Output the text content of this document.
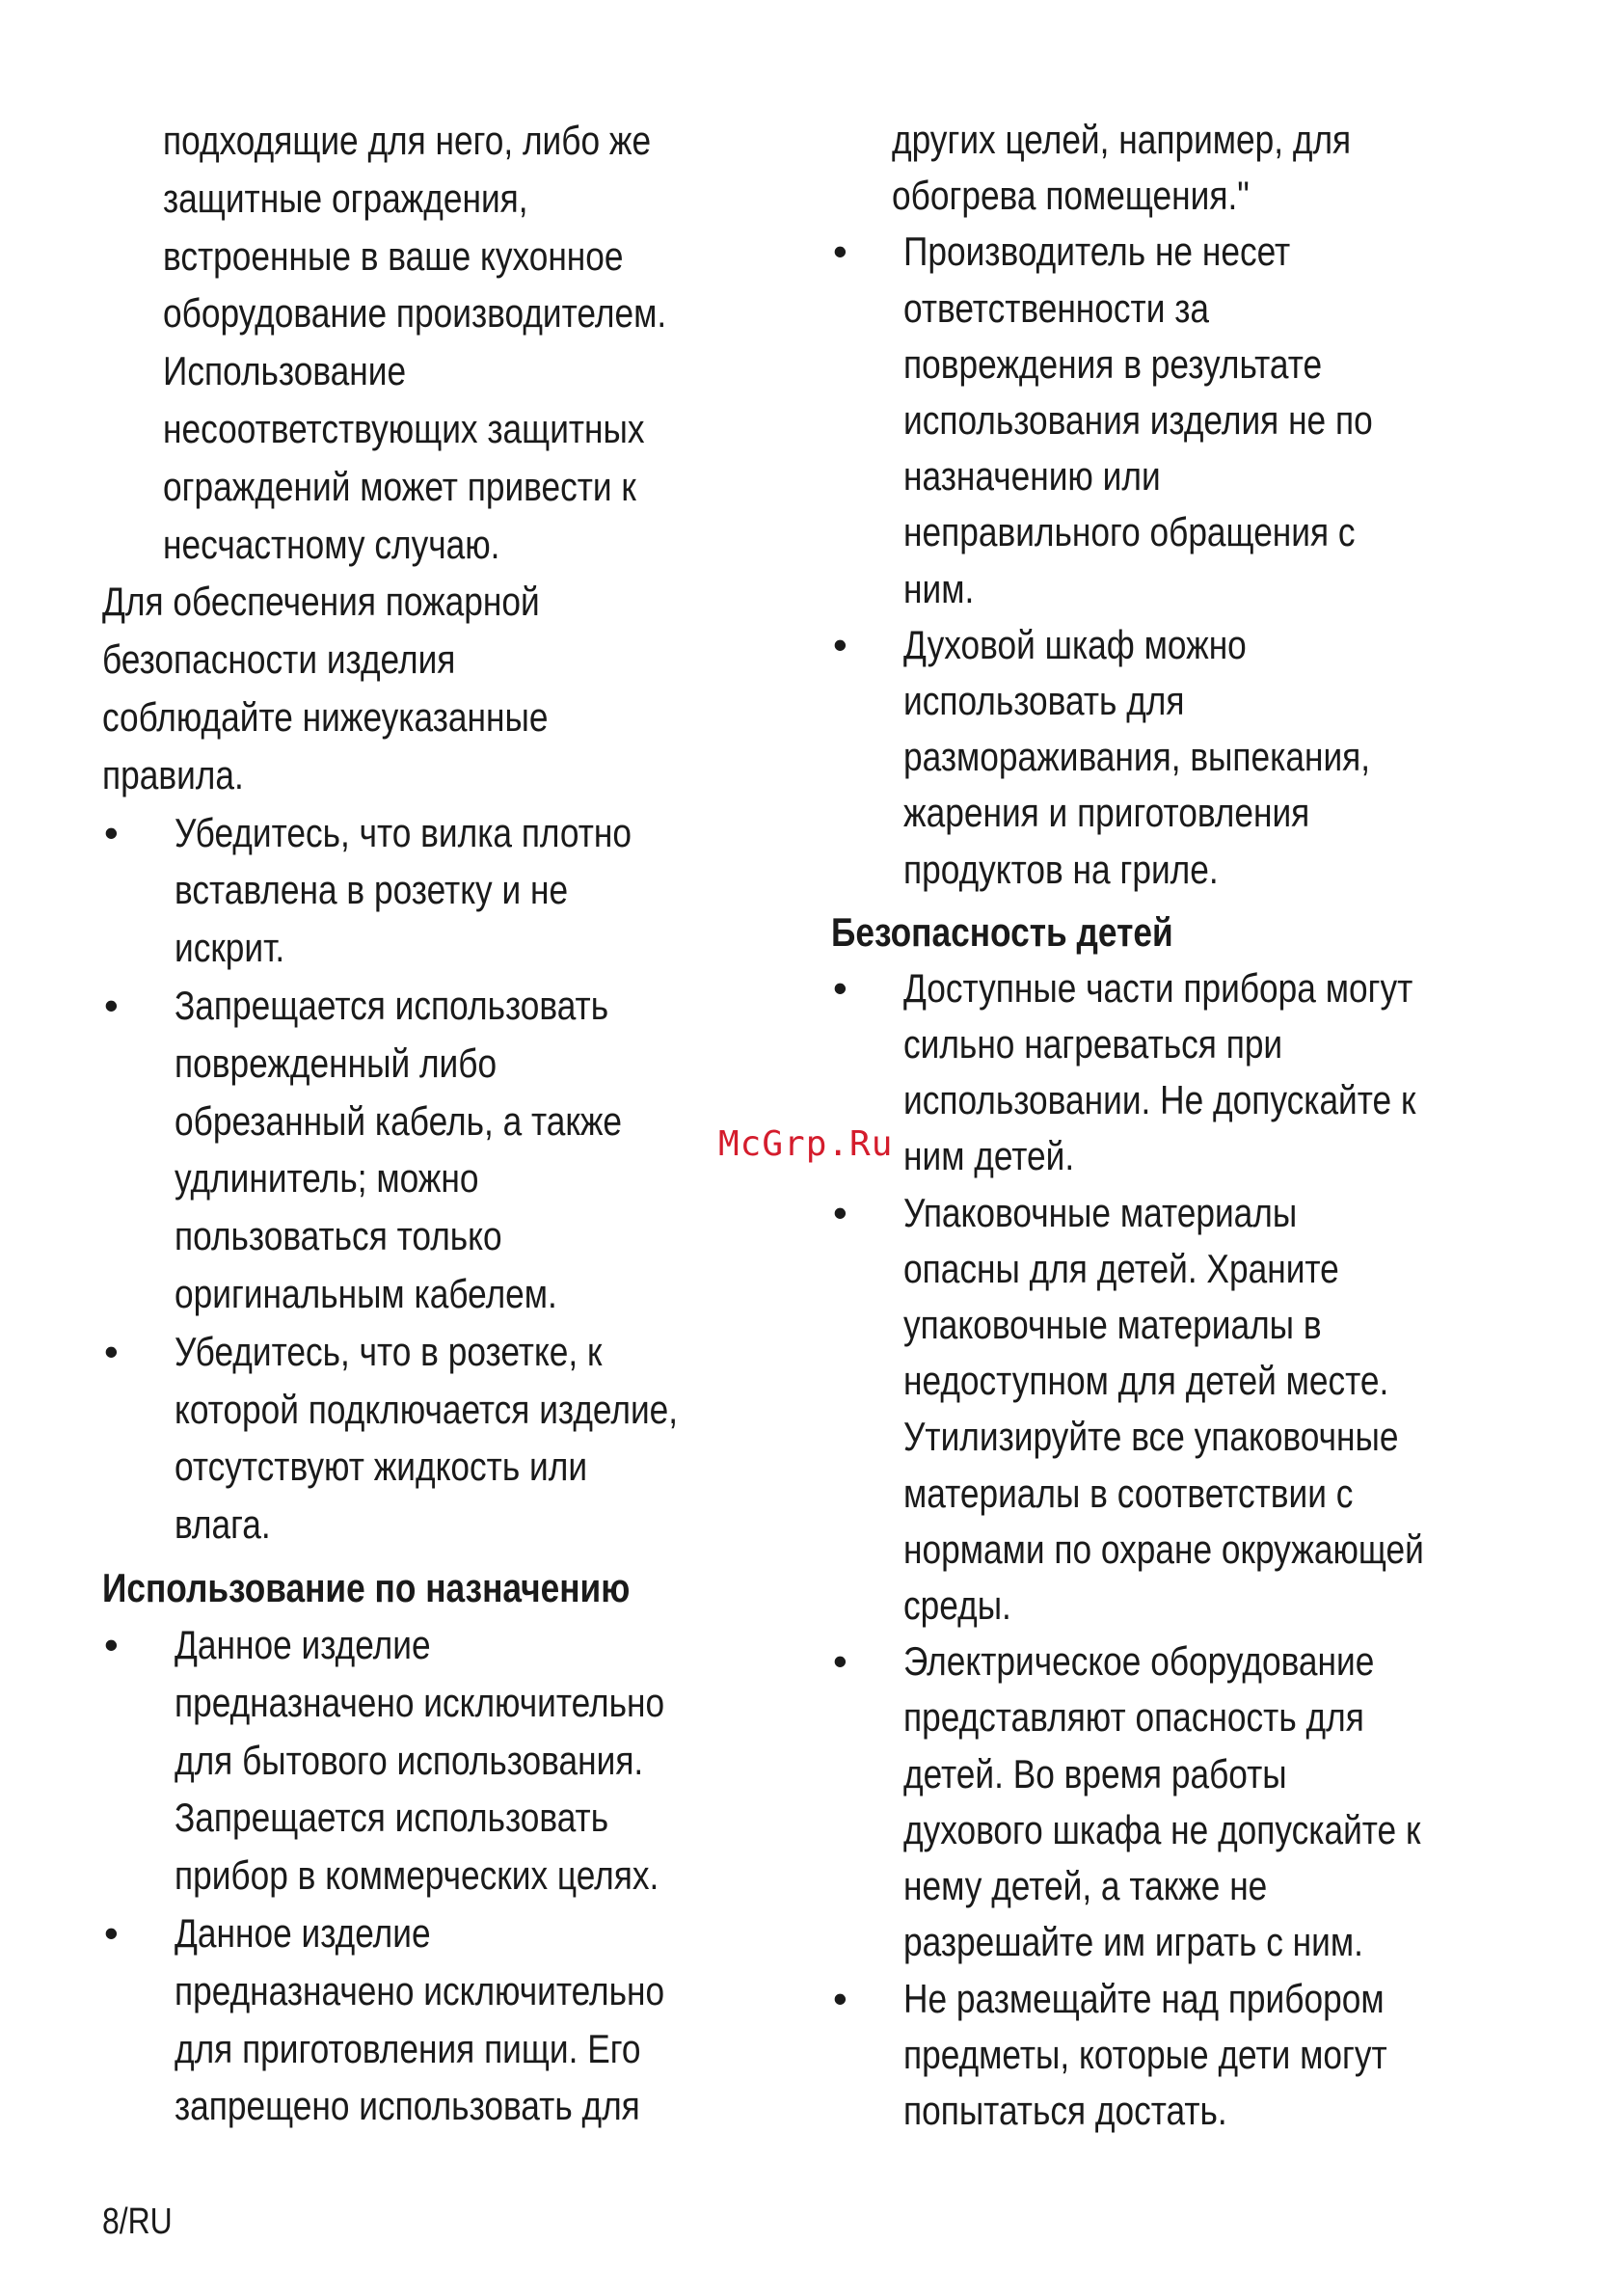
подходящие для него, либо же
защитные ограждения,
встроенные в ваше кухонное
оборудование производителем.
Использование
несоответствующих защитных
ограждений может привести к
несчастному случаю.
Для обеспечения пожарной
безопасности изделия
соблюдайте нижеуказанные
правила.
•	Убедитесь, что вилка плотно
вставлена в розетку и не
искрит.
•	Запрещается использовать
поврежденный либо
обрезанный кабель, а также
удлинитель; можно
пользоваться только
оригинальным кабелем.
•	Убедитесь, что в розетке, к
которой подключается изделие,
отсутствуют жидкость или
влага.
Использование по назначению
•	Данное изделие
предназначено исключительно
для бытового использования.
Запрещается использовать
прибор в коммерческих целях.
•	Данное изделие
предназначено исключительно
для приготовления пищи. Его
запрещено использовать для
других целей, например, для
обогрева помещения."
•	Производитель не несет
ответственности за
повреждения в результате
использования изделия не по
назначению или
неправильного обращения с
ним.
•	Духовой шкаф можно
использовать для
размораживания, выпекания,
жарения и приготовления
продуктов на гриле.
Безопасность детей
•	Доступные части прибора могут
сильно нагреваться при
использовании. Не допускайте к
ним детей.
•	Упаковочные материалы
опасны для детей. Храните
упаковочные материалы в
недоступном для детей месте.
Утилизируйте все упаковочные
материалы в соответствии с
нормами по охране окружающей
среды.
•	Электрическое оборудование
представляют опасность для
детей. Во время работы
духового шкафа не допускайте к
нему детей, а также не
разрешайте им играть с ним.
•	Не размещайте над прибором
предметы, которые дети могут
попытаться достать.
McGrp.Ru
8/RU
